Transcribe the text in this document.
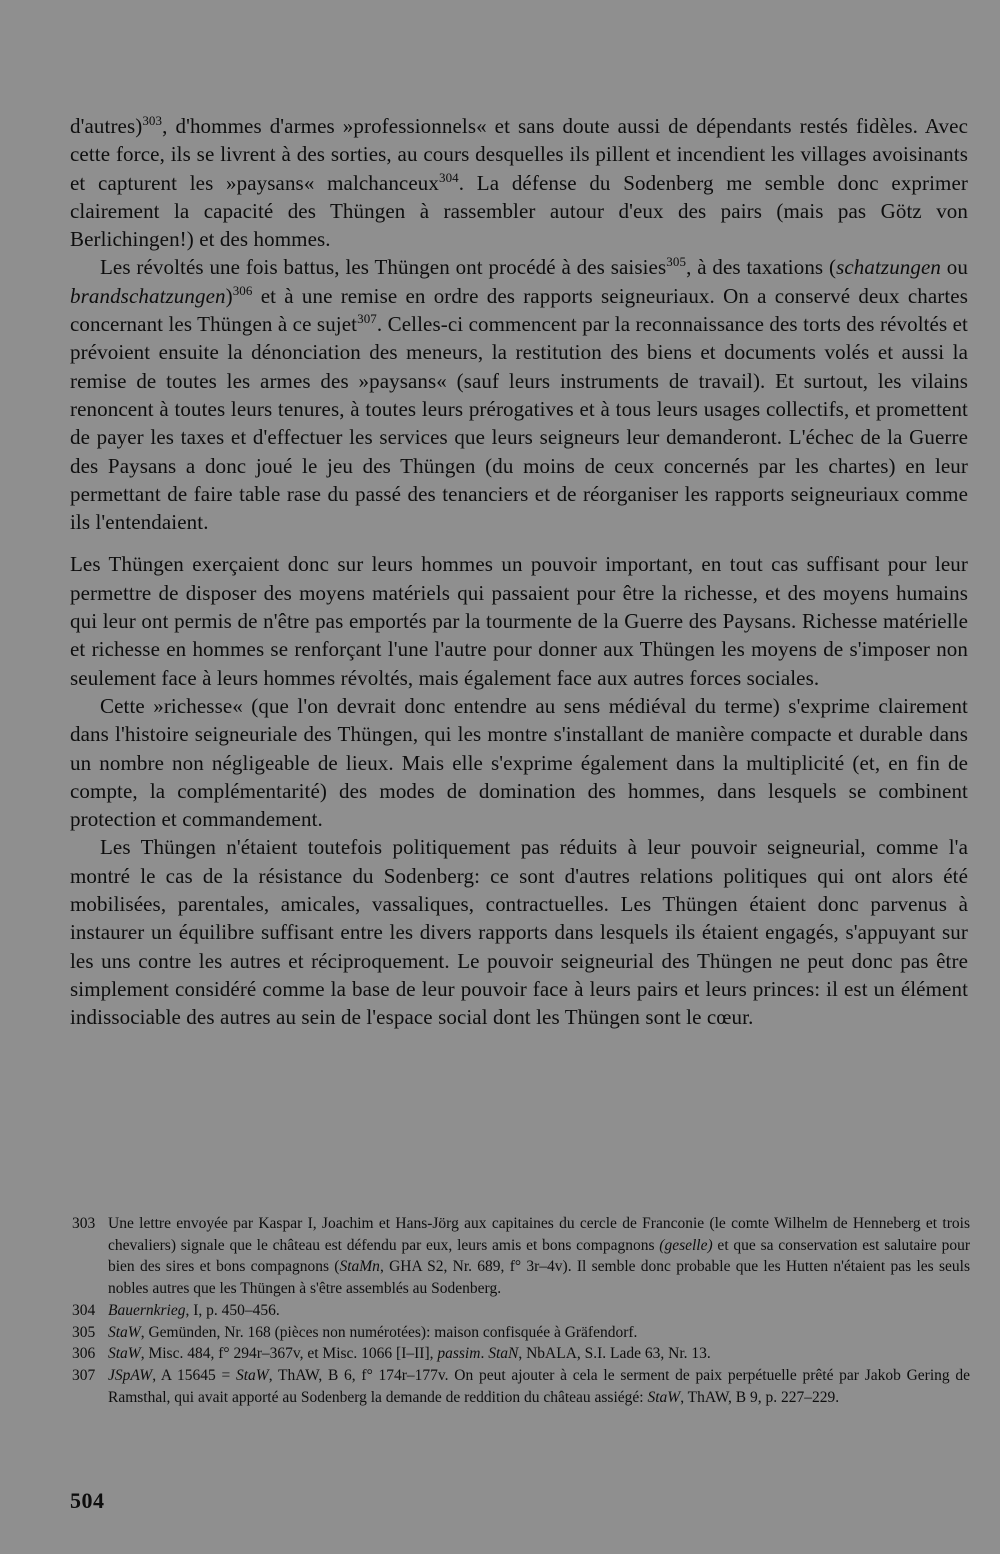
d'autres)$^{303}$, d'hommes d'armes »professionnels« et sans doute aussi de dépendants restés fidèles. Avec cette force, ils se livrent à des sorties, au cours desquelles ils pillent et incendient les villages avoisinants et capturent les »paysans« malchanceux$^{304}$. La défense du Sodenberg me semble donc exprimer clairement la capacité des Thüngen à rassembler autour d'eux des pairs (mais pas Götz von Berlichingen!) et des hommes.

Les révoltés une fois battus, les Thüngen ont procédé à des saisies$^{305}$, à des taxations (schatzungen ou brandschatzungen)$^{306}$ et à une remise en ordre des rapports seigneuriaux. On a conservé deux chartes concernant les Thüngen à ce sujet$^{307}$. Celles-ci commencent par la reconnaissance des torts des révoltés et prévoient ensuite la dénonciation des meneurs, la restitution des biens et documents volés et aussi la remise de toutes les armes des »paysans« (sauf leurs instruments de travail). Et surtout, les vilains renoncent à toutes leurs tenures, à toutes leurs prérogatives et à tous leurs usages collectifs, et promettent de payer les taxes et d'effectuer les services que leurs seigneurs leur demanderont. L'échec de la Guerre des Paysans a donc joué le jeu des Thüngen (du moins de ceux concernés par les chartes) en leur permettant de faire table rase du passé des tenanciers et de réorganiser les rapports seigneuriaux comme ils l'entendaient.

Les Thüngen exerçaient donc sur leurs hommes un pouvoir important, en tout cas suffisant pour leur permettre de disposer des moyens matériels qui passaient pour être la richesse, et des moyens humains qui leur ont permis de n'être pas emportés par la tourmente de la Guerre des Paysans. Richesse matérielle et richesse en hommes se renforçant l'une l'autre pour donner aux Thüngen les moyens de s'imposer non seulement face à leurs hommes révoltés, mais également face aux autres forces sociales.

Cette »richesse« (que l'on devrait donc entendre au sens médiéval du terme) s'exprime clairement dans l'histoire seigneuriale des Thüngen, qui les montre s'installant de manière compacte et durable dans un nombre non négligeable de lieux. Mais elle s'exprime également dans la multiplicité (et, en fin de compte, la complémentarité) des modes de domination des hommes, dans lesquels se combinent protection et commandement.

Les Thüngen n'étaient toutefois politiquement pas réduits à leur pouvoir seigneurial, comme l'a montré le cas de la résistance du Sodenberg: ce sont d'autres relations politiques qui ont alors été mobilisées, parentales, amicales, vassaliques, contractuelles. Les Thüngen étaient donc parvenus à instaurer un équilibre suffisant entre les divers rapports dans lesquels ils étaient engagés, s'appuyant sur les uns contre les autres et réciproquement. Le pouvoir seigneurial des Thüngen ne peut donc pas être simplement considéré comme la base de leur pouvoir face à leurs pairs et leurs princes: il est un élément indissociable des autres au sein de l'espace social dont les Thüngen sont le cœur.

303 Une lettre envoyée par Kaspar I, Joachim et Hans-Jörg aux capitaines du cercle de Franconie (le comte Wilhelm de Henneberg et trois chevaliers) signale que le château est défendu par eux, leurs amis et bons compagnons (geselle) et que sa conservation est salutaire pour bien des sires et bons compagnons (StaMn, GHA S2, Nr. 689, f° 3r–4v). Il semble donc probable que les Hutten n'étaient pas les seuls nobles autres que les Thüngen à s'être assemblés au Sodenberg.

304 Bauernkrieg, I, p. 450–456.

305 StaW, Gemünden, Nr. 168 (pièces non numérotées): maison confisquée à Gräfendorf.

306 StaW, Misc. 484, f° 294r–367v, et Misc. 1066 [I–II], passim. StaN, NbALA, S.I. Lade 63, Nr. 13.

307 JSpAW, A 15645 = StaW, ThAW, B 6, f° 174r–177v. On peut ajouter à cela le serment de paix perpétuelle prêté par Jakob Gering de Ramsthal, qui avait apporté au Sodenberg la demande de reddition du château assiégé: StaW, ThAW, B 9, p. 227–229.

504
